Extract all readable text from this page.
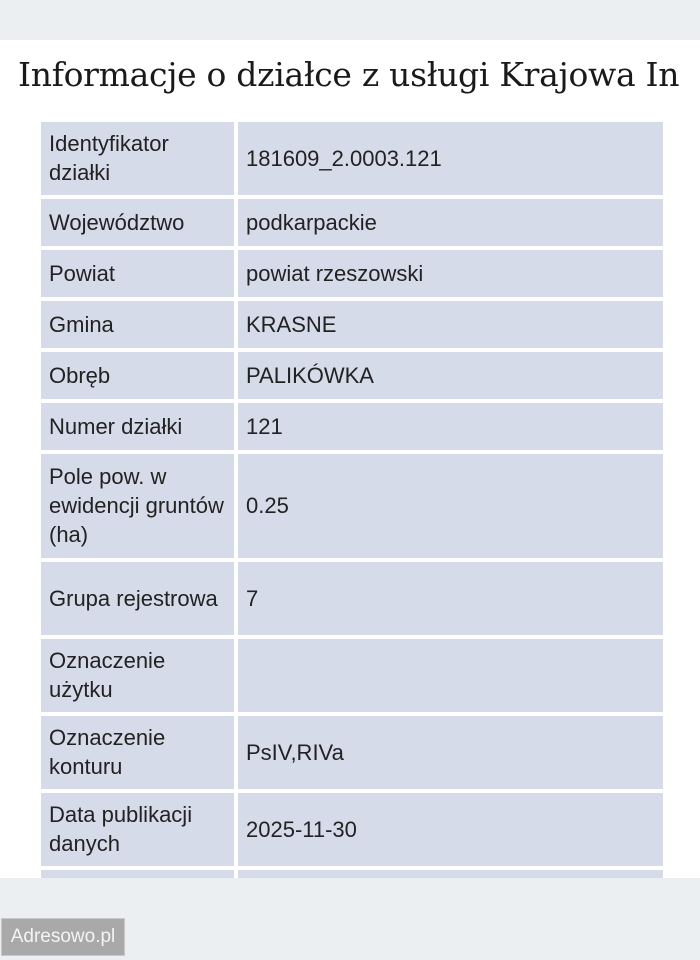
Informacje o działce z usługi Krajowa In
Identyfikator działki	181609_2.0003.121
Województwo	podkarpackie
Powiat	powiat rzeszowski
Gmina	KRASNE
Obręb	PALIKÓWKA
Numer działki	121
Pole pow. w ewidencji gruntów (ha)	0.25
Grupa rejestrowa	7
Oznaczenie użytku	
Oznaczenie konturu	PsIV,RIVa
Data publikacji danych	2025-11-30

Adresowo.pl
